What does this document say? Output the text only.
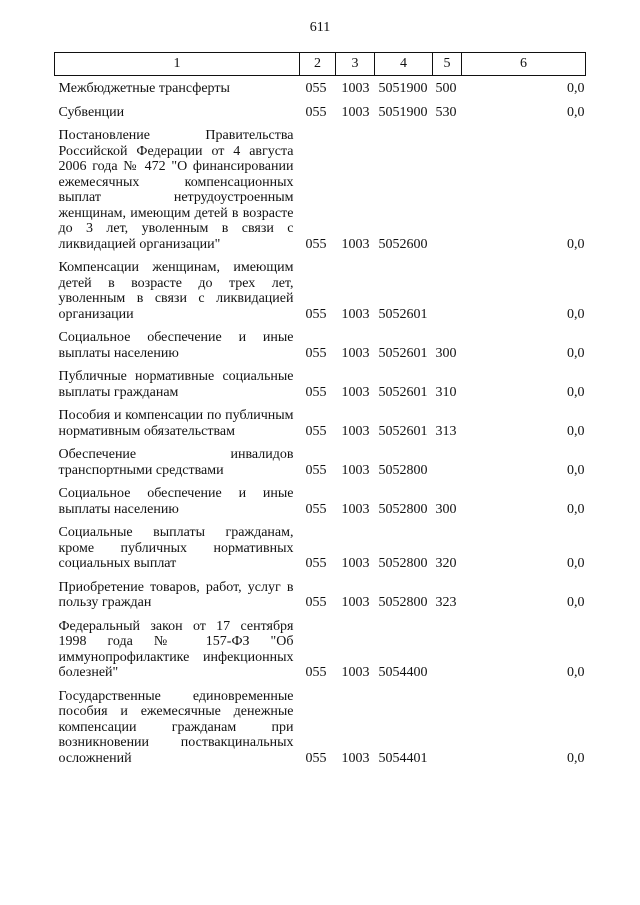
611
1	2	3	4	5	6

Межбюджетные трансферты	055	1003	5051900	500	0,0

Субвенции	055	1003	5051900	530	0,0

Постановление Правительства Российской Федерации от 4 августа 2006 года № 472 "О финансировании ежемесячных компенсационных выплат нетрудоустроенным женщинам, имеющим детей в возрасте до 3 лет, уволенным в связи с ликвидацией организации"	055	1003	5052600		0,0

Компенсации женщинам, имеющим детей в возрасте до трех лет, уволенным в связи с ликвидацией организации	055	1003	5052601		0,0

Социальное обеспечение и иные выплаты населению	055	1003	5052601	300	0,0

Публичные нормативные социальные выплаты гражданам	055	1003	5052601	310	0,0

Пособия и компенсации по публичным нормативным обязательствам	055	1003	5052601	313	0,0

Обеспечение инвалидов транспортными средствами	055	1003	5052800		0,0

Социальное обеспечение и иные выплаты населению	055	1003	5052800	300	0,0

Социальные выплаты гражданам, кроме публичных нормативных социальных выплат	055	1003	5052800	320	0,0

Приобретение товаров, работ, услуг в пользу граждан	055	1003	5052800	323	0,0

Федеральный закон от 17 сентября 1998 года № 157-ФЗ "Об иммунопрофилактике инфекционных болезней"	055	1003	5054400		0,0

Государственные единовременные пособия и ежемесячные денежные компенсации гражданам при возникновении поствакцинальных осложнений	055	1003	5054401		0,0
